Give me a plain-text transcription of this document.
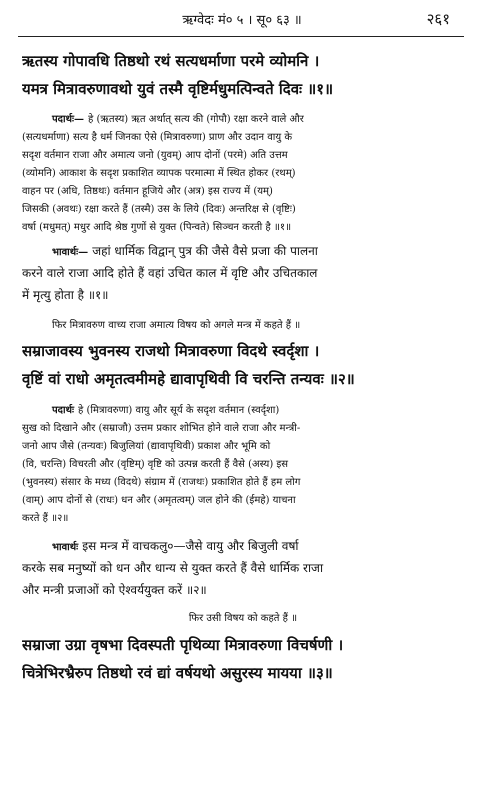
ऋग्वेदः मं० ५ । सू० ६३ ॥	२६१
ऋतस्य गोपावधि तिष्ठथो रथं सत्यधर्माणा परमे व्योमनि ।
यमत्र मित्रावरुणावथो युवं तस्मै वृष्टिर्मधुमत्पिन्वते दिवः ॥१॥
पदार्थः— हे (ऋतस्य) ऋत अर्थात् सत्य की (गोपौ) रक्षा करने वाले और
(सत्यधर्माणा) सत्य है धर्म जिनका ऐसे (मित्रावरुणा) प्राण और उदान वायु के
सदृश वर्तमान राजा और अमात्य जनो (युवम्) आप दोनों (परमे) अति उत्तम
(व्योमनि) आकाश के सदृश प्रकाशित व्यापक परमात्मा में स्थित होकर (रथम्)
वाहन पर (अधि, तिष्ठथः) वर्तमान हूजिये और (अत्र) इस राज्य में (यम्)
जिसकी (अवथः) रक्षा करते हैं (तस्मै) उस के लिये (दिवः) अन्तरिक्ष से (वृष्टिः)
वर्षा (मधुमत्) मधुर आदि श्रेष्ठ गुणों से युक्त (पिन्वते) सिञ्चन करती है ॥१॥
भावार्थः— जहां धार्मिक विद्वान् पुत्र की जैसे वैसे प्रजा की पालना
करने वाले राजा आदि होते हैं वहां उचित काल में वृष्टि और उचितकाल
में मृत्यु होता है ॥१॥
फिर मित्रावरुण वाच्य राजा अमात्य विषय को अगले मन्त्र में कहते हैं ॥
सम्राजावस्य भुवनस्य राजथो मित्रावरुणा विदथे स्वर्दृशा ।
वृष्टिं वां राधो अमृतत्वमीमहे द्यावापृथिवी वि चरन्ति तन्यवः ॥२॥
पदार्थः हे (मित्रावरुणा) वायु और सूर्य के सदृश वर्तमान (स्वर्दृशा)
सुख को दिखाने और (सम्राजौ) उत्तम प्रकार शोभित होने वाले राजा और मन्त्री-
जनो आप जैसे (तन्यवः) बिजुलियां (द्यावापृथिवी) प्रकाश और भूमि को
(वि, चरन्ति) विचरती और (वृष्टिम्) वृष्टि को उत्पन्न करती हैं वैसे (अस्य) इस
(भुवनस्य) संसार के मध्य (विदथे) संग्राम में (राजथः) प्रकाशित होते हैं हम लोग
(वाम्) आप दोनों से (राधः) धन और (अमृतत्वम्) जल होने की (ईमहे) याचना
करते हैं ॥२॥
भावार्थः इस मन्त्र में वाचकलु०—जैसे वायु और बिजुली वर्षा
करके सब मनुष्यों को धन और धान्य से युक्त करते हैं वैसे धार्मिक राजा
और मन्त्री प्रजाओं को ऐश्वर्ययुक्त करें ॥२॥
फिर उसी विषय को कहते हैं ॥
सम्राजा उग्रा वृषभा दिवस्पती पृथिव्या मित्रावरुणा विचर्षणी ।
चित्रेभिरभ्रैरुप तिष्ठथो रवं द्यां वर्षयथो असुरस्य मायया ॥३॥
